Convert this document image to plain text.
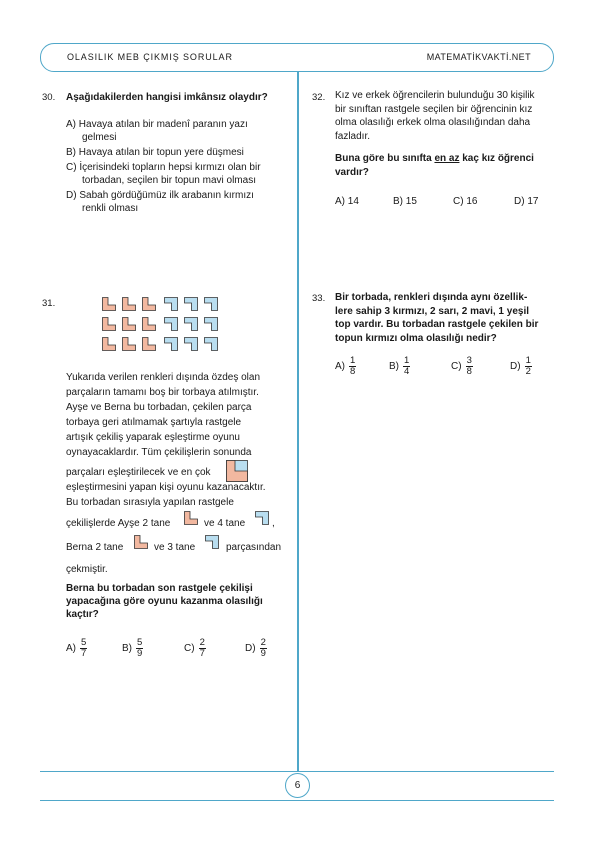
OLASILIK MEB ÇIKMIŞ SORULAR	MATEMATİKVAKTİ.NET
6
30. Aşağıdakilerden hangisi imkânsız olaydır?
A) Havaya atılan bir madenî paranın yazı
gelmesi
B) Havaya atılan bir topun yere düşmesi
C) İçerisindeki topların hepsi kırmızı olan bir
torbadan, seçilen bir topun mavi olması
D) Sabah gördüğümüz ilk arabanın kırmızı
renkli olması
31.
Yukarıda verilen renkleri dışında özdeş olan
parçaların tamamı boş bir torbaya atılmıştır.
Ayşe ve Berna bu torbadan, çekilen parça
torbaya geri atılmamak şartıyla rastgele
artışık çekiliş yaparak eşleştirme oyunu
oynayacaklardır. Tüm çekilişlerin sonunda
parçaları eşleştirilecek ve en çok
eşleştirmesini yapan kişi oyunu kazanacaktır.
Bu torbadan sırasıyla yapılan rastgele
çekilişlerde Ayşe 2 tane	ve 4 tane	,
Berna 2 tane	ve 3 tane	parçasından
çekmiştir.
Berna bu torbadan son rastgele çekilişi
yapacağına göre oyunu kazanma olasılığı
kaçtır?
$A) \frac{5}{7}$	$B) \frac{5}{9}$	$C) \frac{2}{7}$	$D) \frac{2}{9}$
32. Kız ve erkek öğrencilerin bulunduğu 30 kişilik
bir sınıftan rastgele seçilen bir öğrencinin kız
olma olasılığı erkek olma olasılığından daha
fazladır.
Buna göre bu sınıfta en az kaç kız öğrenci
vardır?
A) 14	B) 15	C) 16	D) 17
33. Bir torbada, renkleri dışında aynı özellik-
lere sahip 3 kırmızı, 2 sarı, 2 mavi, 1 yeşil
top vardır. Bu torbadan rastgele çekilen bir
topun kırmızı olma olasılığı nedir?
$A) \frac{1}{8}$	$B) \frac{1}{4}$	$C) \frac{3}{8}$	$D) \frac{1}{2}$
